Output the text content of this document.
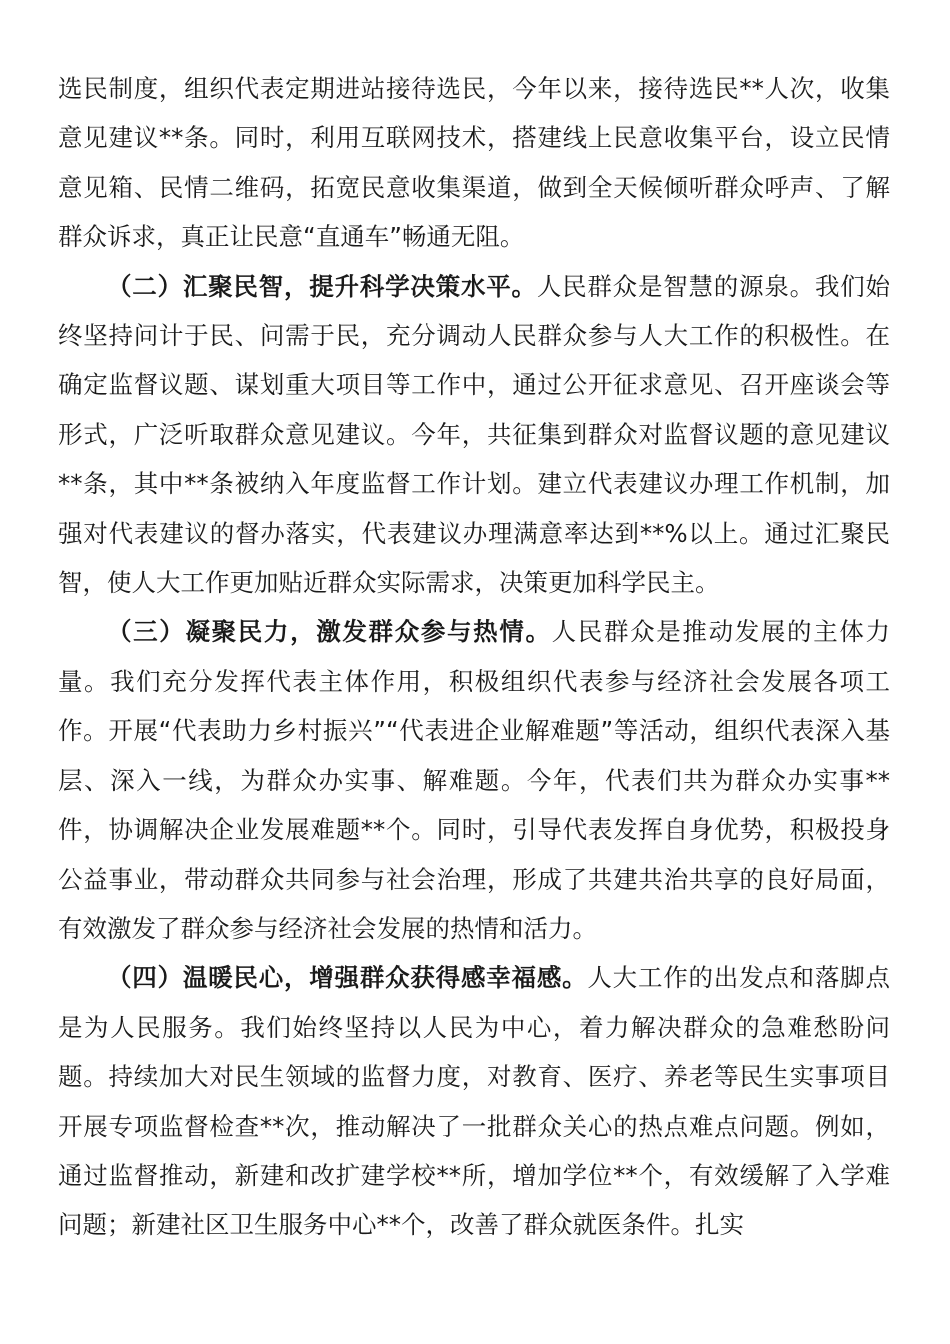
选民制度，组织代表定期进站接待选民，今年以来，接待选民**人次，收集意见建议**条。同时，利用互联网技术，搭建线上民意收集平台，设立民情意见箱、民情二维码，拓宽民意收集渠道，做到全天候倾听群众呼声、了解群众诉求，真正让民意“直通车”畅通无阻。

（二）汇聚民智，提升科学决策水平。人民群众是智慧的源泉。我们始终坚持问计于民、问需于民，充分调动人民群众参与人大工作的积极性。在确定监督议题、谋划重大项目等工作中，通过公开征求意见、召开座谈会等形式，广泛听取群众意见建议。今年，共征集到群众对监督议题的意见建议**条，其中**条被纳入年度监督工作计划。建立代表建议办理工作机制，加强对代表建议的督办落实，代表建议办理满意率达到**%以上。通过汇聚民智，使人大工作更加贴近群众实际需求，决策更加科学民主。

（三）凝聚民力，激发群众参与热情。人民群众是推动发展的主体力量。我们充分发挥代表主体作用，积极组织代表参与经济社会发展各项工作。开展“代表助力乡村振兴”“代表进企业解难题”等活动，组织代表深入基层、深入一线，为群众办实事、解难题。今年，代表们共为群众办实事**件，协调解决企业发展难题**个。同时，引导代表发挥自身优势，积极投身公益事业，带动群众共同参与社会治理，形成了共建共治共享的良好局面，有效激发了群众参与经济社会发展的热情和活力。

（四）温暖民心，增强群众获得感幸福感。人大工作的出发点和落脚点是为人民服务。我们始终坚持以人民为中心，着力解决群众的急难愁盼问题。持续加大对民生领域的监督力度，对教育、医疗、养老等民生实事项目开展专项监督检查**次，推动解决了一批群众关心的热点难点问题。例如，通过监督推动，新建和改扩建学校**所，增加学位**个，有效缓解了入学难问题；新建社区卫生服务中心**个，改善了群众就医条件。扎实
